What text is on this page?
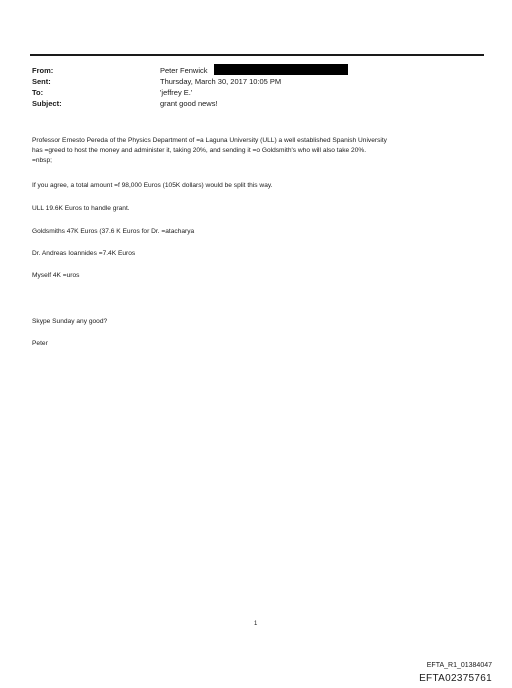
From:
Sent:
To:
Subject:
Peter Fenwick
Thursday, March 30, 2017 10:05 PM
'jeffrey E.'
grant good news!
Professor Ernesto Pereda of the Physics Department of =a Laguna University (ULL) a well established Spanish University
has =greed to host the money and administer it, taking 20%, and sending it =o Goldsmith's who will also take 20%.
=nbsp;
If you agree, a total amount =f 98,000 Euros (105K dollars) would be split this way.
ULL 19.6K Euros to handle grant.
Goldsmiths 47K Euros (37.6 K Euros for Dr. =atacharya
Dr. Andreas Ioannides =7.4K Euros
Myself 4K =uros
Skype Sunday any good?
Peter
1
EFTA_R1_01384047
EFTA02375761
